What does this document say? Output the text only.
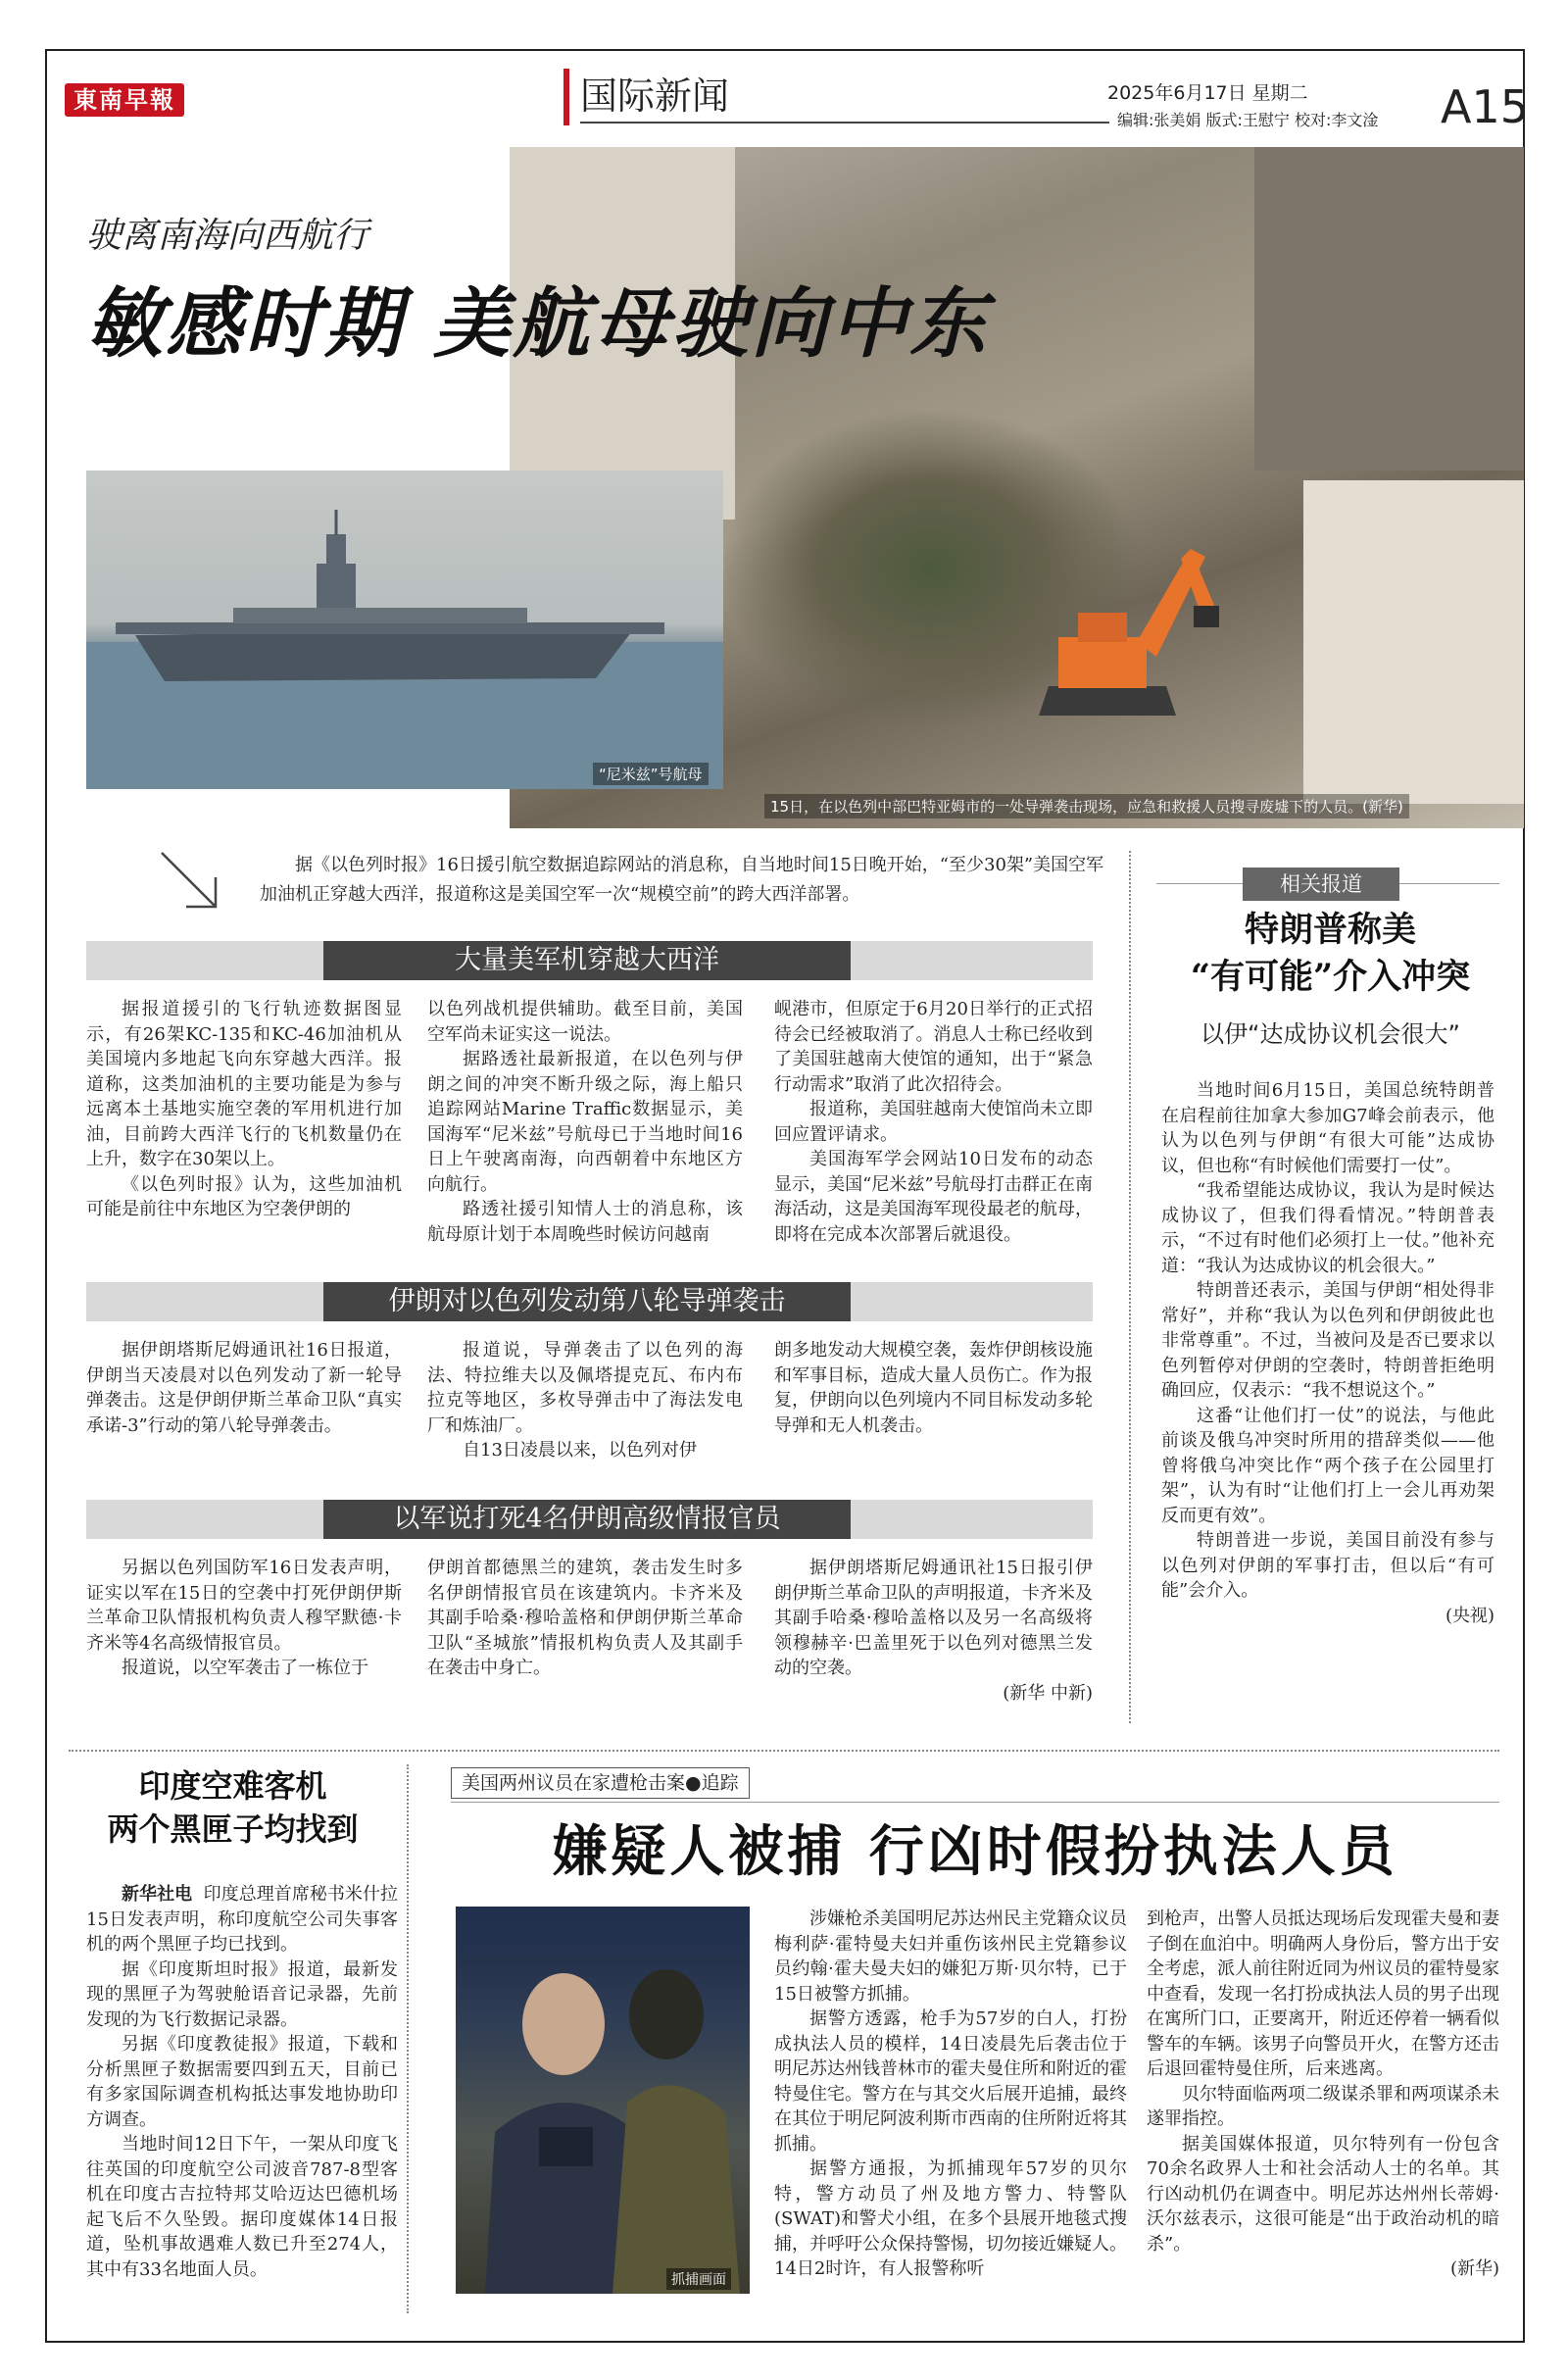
東南早報	国际新闻	2025年6月17日 星期二
编辑:张美娟 版式:王慰宁 校对:李文淦 A15
15日，在以色列中部巴特亚姆市的一处导弹袭击现场，应急和救援人员搜寻废墟下的人员。(新华)
驶离南海向西航行
敏感时期 美航母驶向中东
“尼米兹”号航母
据《以色列时报》16日援引航空数据追踪网站的消息称，自当地时间15日晚开始，“至少30架”美国空军加油机正穿越大西洋，报道称这是美国空军一次“规模空前”的跨大西洋部署。
大量美军机穿越大西洋

据报道援引的飞行轨迹数据图显示，有26架KC-135和KC-46加油机从美国境内多地起飞向东穿越大西洋。报道称，这类加油机的主要功能是为参与远离本土基地实施空袭的军用机进行加油，目前跨大西洋飞行的飞机数量仍在上升，数字在30架以上。

《以色列时报》认为，这些加油机可能是前往中东地区为空袭伊朗的

以色列战机提供辅助。截至目前，美国空军尚未证实这一说法。

据路透社最新报道，在以色列与伊朗之间的冲突不断升级之际，海上船只追踪网站Marine Traffic数据显示，美国海军“尼米兹”号航母已于当地时间16日上午驶离南海，向西朝着中东地区方向航行。

路透社援引知情人士的消息称，该航母原计划于本周晚些时候访问越南

岘港市，但原定于6月20日举行的正式招待会已经被取消了。消息人士称已经收到了美国驻越南大使馆的通知，出于“紧急行动需求”取消了此次招待会。

报道称，美国驻越南大使馆尚未立即回应置评请求。

美国海军学会网站10日发布的动态显示，美国“尼米兹”号航母打击群正在南海活动，这是美国海军现役最老的航母，即将在完成本次部署后就退役。

伊朗对以色列发动第八轮导弹袭击

据伊朗塔斯尼姆通讯社16日报道，伊朗当天凌晨对以色列发动了新一轮导弹袭击。这是伊朗伊斯兰革命卫队“真实承诺-3”行动的第八轮导弹袭击。

报道说，导弹袭击了以色列的海法、特拉维夫以及佩塔提克瓦、布内布拉克等地区，多枚导弹击中了海法发电厂和炼油厂。

自13日凌晨以来，以色列对伊

朗多地发动大规模空袭，轰炸伊朗核设施和军事目标，造成大量人员伤亡。作为报复，伊朗向以色列境内不同目标发动多轮导弹和无人机袭击。

以军说打死4名伊朗高级情报官员

另据以色列国防军16日发表声明，证实以军在15日的空袭中打死伊朗伊斯兰革命卫队情报机构负责人穆罕默德·卡齐米等4名高级情报官员。

报道说，以空军袭击了一栋位于

伊朗首都德黑兰的建筑，袭击发生时多名伊朗情报官员在该建筑内。卡齐米及其副手哈桑·穆哈盖格和伊朗伊斯兰革命卫队“圣城旅”情报机构负责人及其副手在袭击中身亡。

据伊朗塔斯尼姆通讯社15日报引伊朗伊斯兰革命卫队的声明报道，卡齐米及其副手哈桑·穆哈盖格以及另一名高级将领穆赫辛·巴盖里死于以色列对德黑兰发动的空袭。

(新华 中新)

相关报道
特朗普称美
“有可能”介入冲突
以伊“达成协议机会很大”

当地时间6月15日，美国总统特朗普在启程前往加拿大参加G7峰会前表示，他认为以色列与伊朗“有很大可能”达成协议，但也称“有时候他们需要打一仗”。

“我希望能达成协议，我认为是时候达成协议了，但我们得看情况。”特朗普表示，“不过有时他们必须打上一仗。”他补充道：“我认为达成协议的机会很大。”

特朗普还表示，美国与伊朗“相处得非常好”，并称“我认为以色列和伊朗彼此也非常尊重”。不过，当被问及是否已要求以色列暂停对伊朗的空袭时，特朗普拒绝明确回应，仅表示：“我不想说这个。”

这番“让他们打一仗”的说法，与他此前谈及俄乌冲突时所用的措辞类似——他曾将俄乌冲突比作“两个孩子在公园里打架”，认为有时“让他们打上一会儿再劝架反而更有效”。

特朗普进一步说，美国目前没有参与以色列对伊朗的军事打击，但以后“有可能”会介入。

(央视)

印度空难客机
两个黑匣子均找到

新华社电 印度总理首席秘书米什拉15日发表声明，称印度航空公司失事客机的两个黑匣子均已找到。

据《印度斯坦时报》报道，最新发现的黑匣子为驾驶舱语音记录器，先前发现的为飞行数据记录器。

另据《印度教徒报》报道，下载和分析黑匣子数据需要四到五天，目前已有多家国际调查机构抵达事发地协助印方调查。

当地时间12日下午，一架从印度飞往英国的印度航空公司波音787-8型客机在印度古吉拉特邦艾哈迈达巴德机场起飞后不久坠毁。据印度媒体14日报道，坠机事故遇难人数已升至274人，其中有33名地面人员。

美国两州议员在家遭枪击案●追踪
嫌疑人被捕 行凶时假扮执法人员
抓捕画面

涉嫌枪杀美国明尼苏达州民主党籍众议员梅利萨·霍特曼夫妇并重伤该州民主党籍参议员约翰·霍夫曼夫妇的嫌犯万斯·贝尔特，已于15日被警方抓捕。

据警方透露，枪手为57岁的白人，打扮成执法人员的模样，14日凌晨先后袭击位于明尼苏达州钱普林市的霍夫曼住所和附近的霍特曼住宅。警方在与其交火后展开追捕，最终在其位于明尼阿波利斯市西南的住所附近将其抓捕。

据警方通报，为抓捕现年57岁的贝尔特，警方动员了州及地方警力、特警队(SWAT)和警犬小组，在多个县展开地毯式搜捕，并呼吁公众保持警惕，切勿接近嫌疑人。14日2时许，有人报警称听

到枪声，出警人员抵达现场后发现霍夫曼和妻子倒在血泊中。明确两人身份后，警方出于安全考虑，派人前往附近同为州议员的霍特曼家中查看，发现一名打扮成执法人员的男子出现在寓所门口，正要离开，附近还停着一辆看似警车的车辆。该男子向警员开火，在警方还击后退回霍特曼住所，后来逃离。

贝尔特面临两项二级谋杀罪和两项谋杀未遂罪指控。

据美国媒体报道，贝尔特列有一份包含70余名政界人士和社会活动人士的名单。其行凶动机仍在调查中。明尼苏达州州长蒂姆·沃尔兹表示，这很可能是“出于政治动机的暗杀”。

(新华)
